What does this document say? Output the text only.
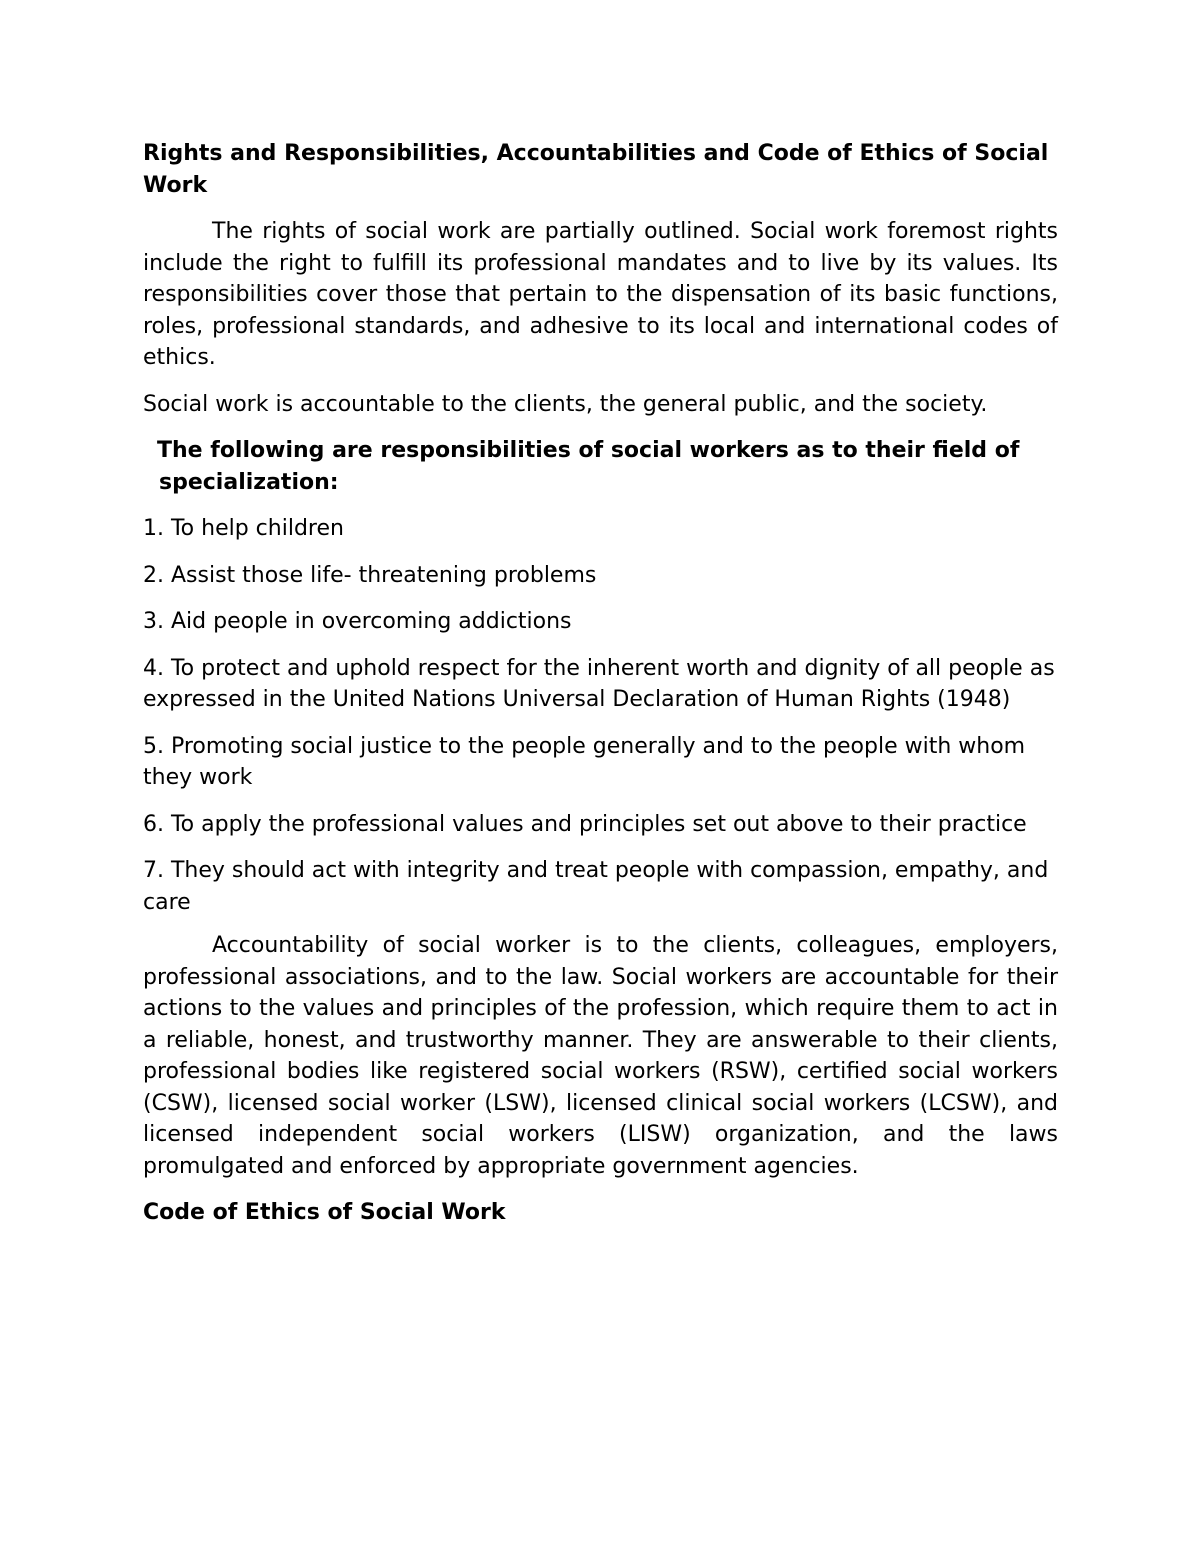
Rights and Responsibilities, Accountabilities and Code of Ethics of Social Work
The rights of social work are partially outlined. Social work foremost rights include the right to fulfill its professional mandates and to live by its values. Its responsibilities cover those that pertain to the dispensation of its basic functions, roles, professional standards, and adhesive to its local and international codes of ethics.
Social work is accountable to the clients, the general public, and the society.
The following are responsibilities of social workers as to their field of specialization:
1. To help children
2. Assist those life- threatening problems
3. Aid people in overcoming addictions
4. To protect and uphold respect for the inherent worth and dignity of all people as expressed in the United Nations Universal Declaration of Human Rights (1948)
5. Promoting social justice to the people generally and to the people with whom they work
6. To apply the professional values and principles set out above to their practice
7. They should act with integrity and treat people with compassion, empathy, and care
Accountability of social worker is to the clients, colleagues, employers, professional associations, and to the law. Social workers are accountable for their actions to the values and principles of the profession, which require them to act in a reliable, honest, and trustworthy manner. They are answerable to their clients, professional bodies like registered social workers (RSW), certified social workers (CSW), licensed social worker (LSW), licensed clinical social workers (LCSW), and licensed independent social workers (LISW) organization, and the laws promulgated and enforced by appropriate government agencies.
Code of Ethics of Social Work
